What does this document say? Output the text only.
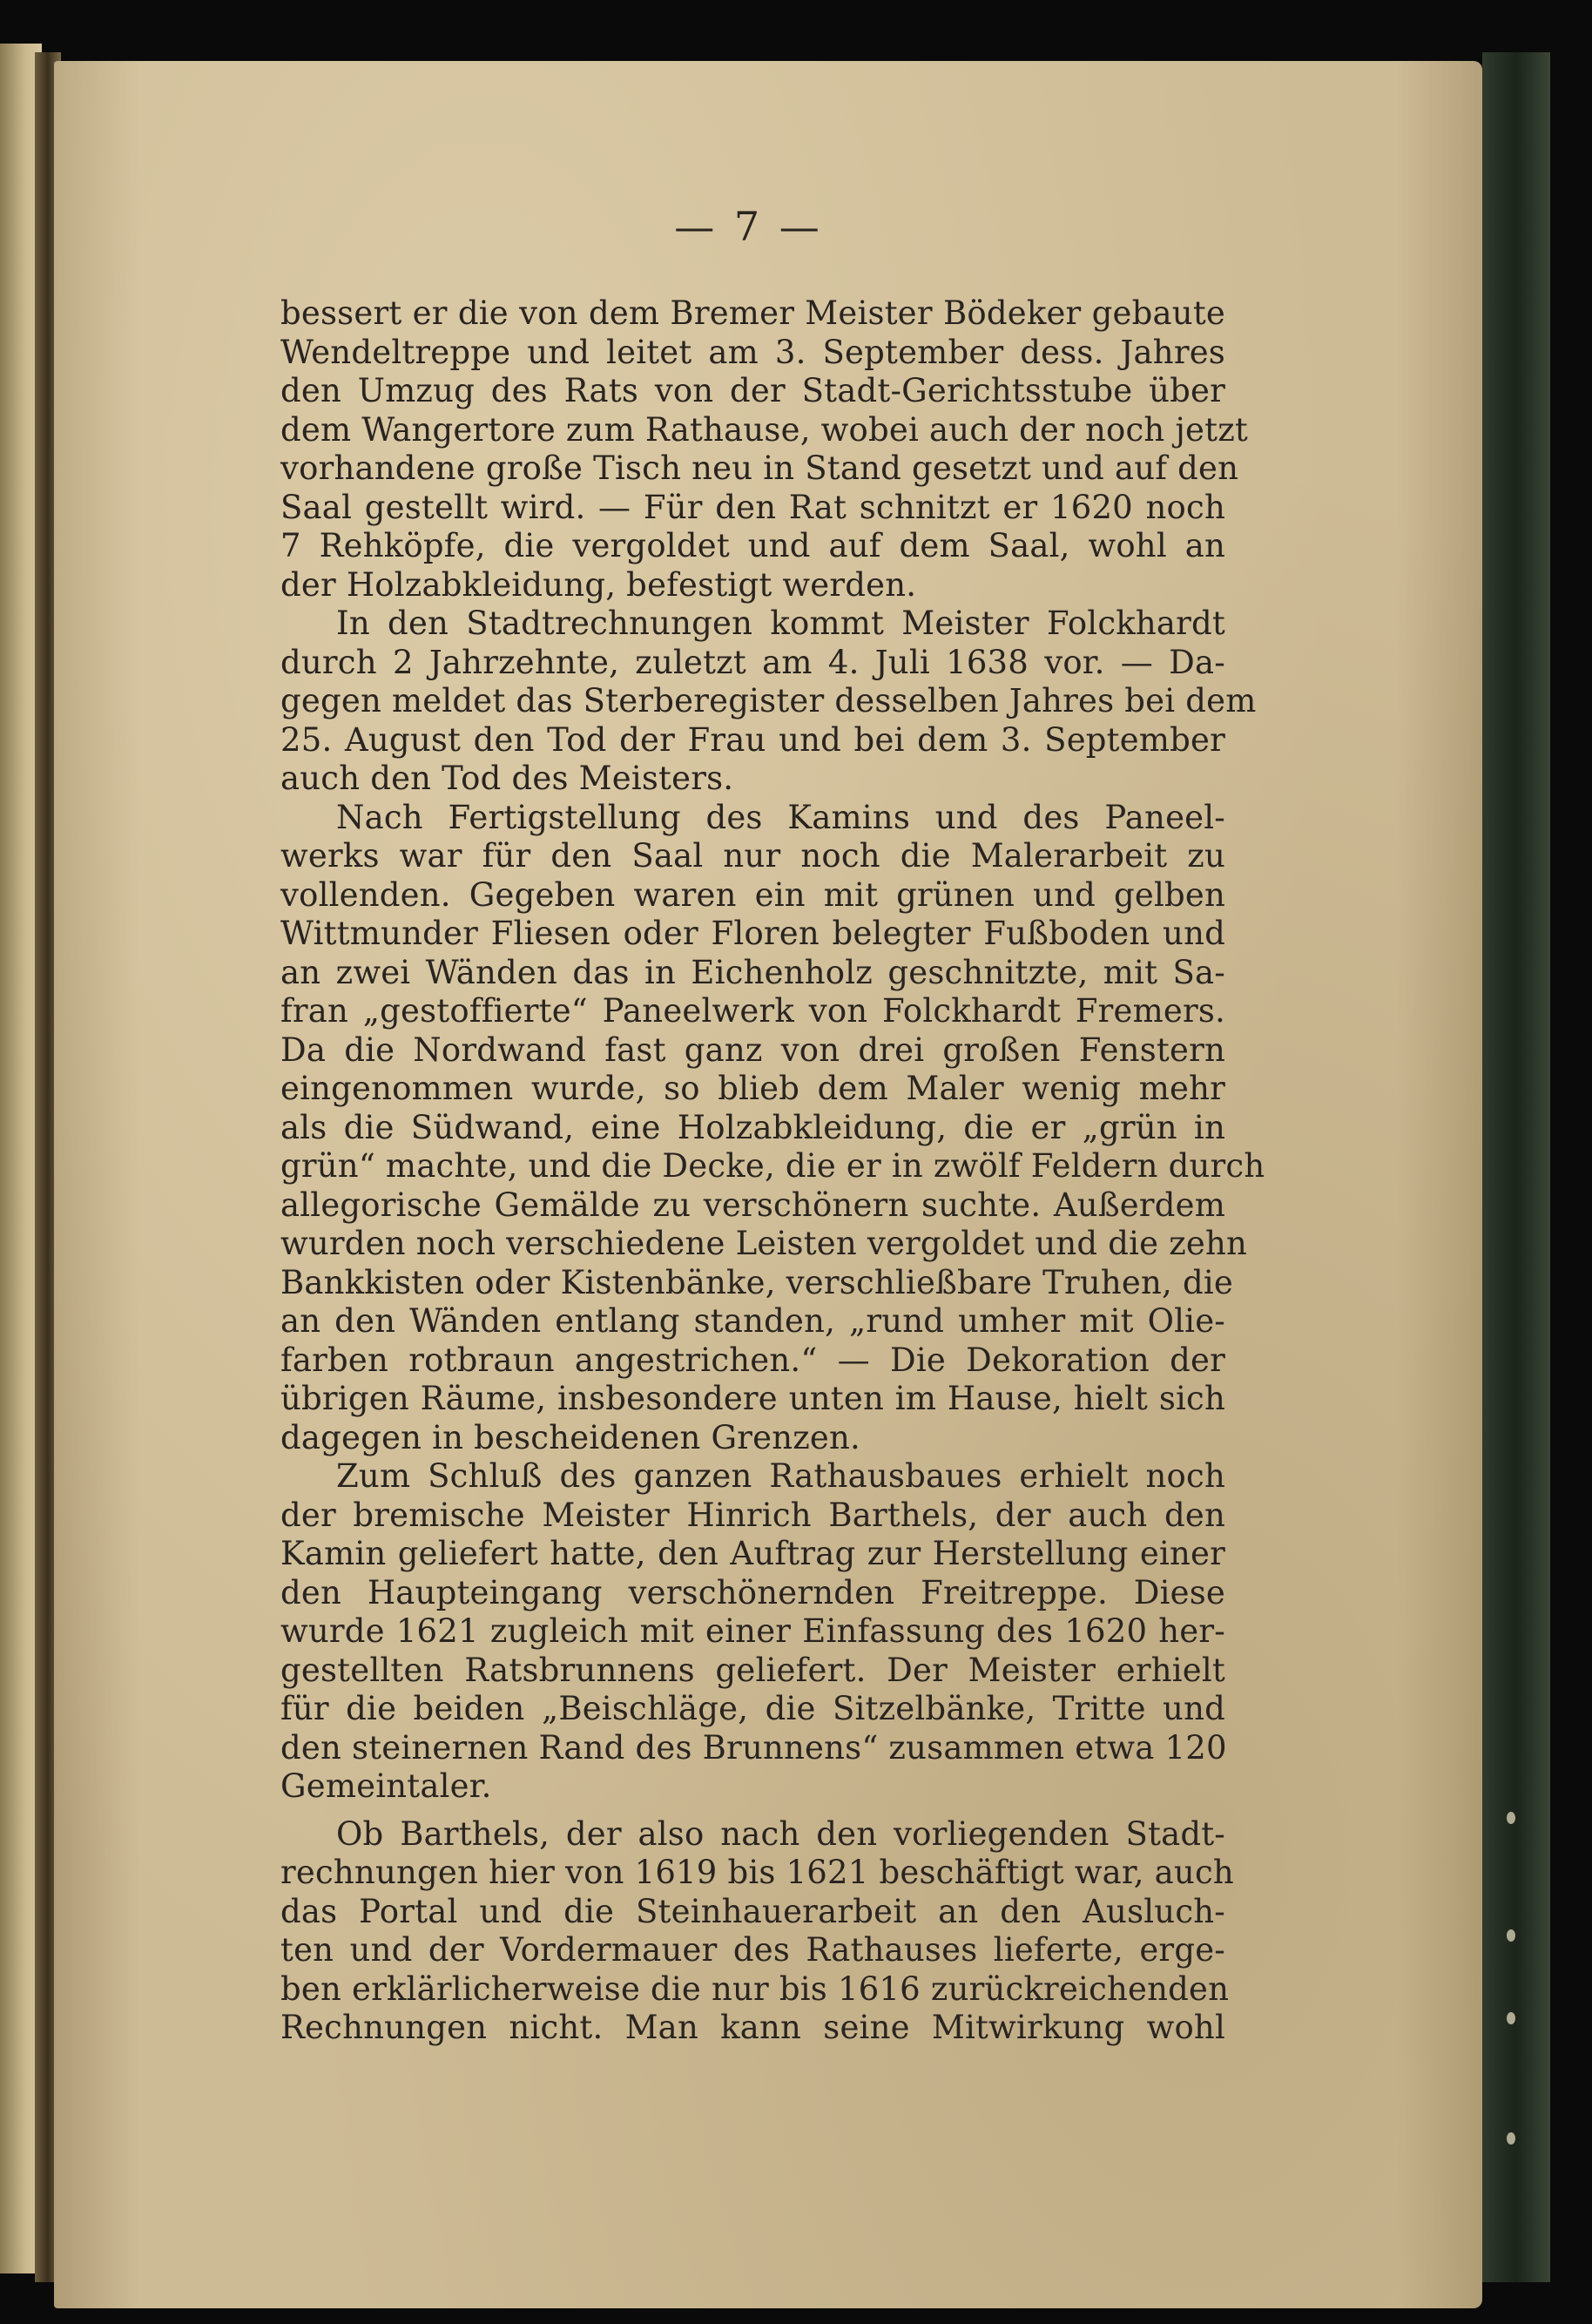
— 7 —
bessert er die von dem Bremer Meister Bödeker gebaute
Wendeltreppe und leitet am 3. September dess. Jahres
den Umzug des Rats von der Stadt-Gerichtsstube über
dem Wangertore zum Rathause, wobei auch der noch jetzt
vorhandene große Tisch neu in Stand gesetzt und auf den
Saal gestellt wird. — Für den Rat schnitzt er 1620 noch
7 Rehköpfe, die vergoldet und auf dem Saal, wohl an
der Holzabkleidung, befestigt werden.
In den Stadtrechnungen kommt Meister Folckhardt
durch 2 Jahrzehnte, zuletzt am 4. Juli 1638 vor. — Da-
gegen meldet das Sterberegister desselben Jahres bei dem
25. August den Tod der Frau und bei dem 3. September
auch den Tod des Meisters.
Nach Fertigstellung des Kamins und des Paneel-
werks war für den Saal nur noch die Malerarbeit zu
vollenden. Gegeben waren ein mit grünen und gelben
Wittmunder Fliesen oder Floren belegter Fußboden und
an zwei Wänden das in Eichenholz geschnitzte, mit Sa-
fran „gestoffierte“ Paneelwerk von Folckhardt Fremers.
Da die Nordwand fast ganz von drei großen Fenstern
eingenommen wurde, so blieb dem Maler wenig mehr
als die Südwand, eine Holzabkleidung, die er „grün in
grün“ machte, und die Decke, die er in zwölf Feldern durch
allegorische Gemälde zu verschönern suchte. Außerdem
wurden noch verschiedene Leisten vergoldet und die zehn
Bankkisten oder Kistenbänke, verschließbare Truhen, die
an den Wänden entlang standen, „rund umher mit Olie-
farben rotbraun angestrichen.“ — Die Dekoration der
übrigen Räume, insbesondere unten im Hause, hielt sich
dagegen in bescheidenen Grenzen.
Zum Schluß des ganzen Rathausbaues erhielt noch
der bremische Meister Hinrich Barthels, der auch den
Kamin geliefert hatte, den Auftrag zur Herstellung einer
den Haupteingang verschönernden Freitreppe. Diese
wurde 1621 zugleich mit einer Einfassung des 1620 her-
gestellten Ratsbrunnens geliefert. Der Meister erhielt
für die beiden „Beischläge, die Sitzelbänke, Tritte und
den steinernen Rand des Brunnens“ zusammen etwa 120
Gemeintaler.
Ob Barthels, der also nach den vorliegenden Stadt-
rechnungen hier von 1619 bis 1621 beschäftigt war, auch
das Portal und die Steinhauerarbeit an den Ausluch-
ten und der Vordermauer des Rathauses lieferte, erge-
ben erklärlicherweise die nur bis 1616 zurückreichenden
Rechnungen nicht. Man kann seine Mitwirkung wohl
